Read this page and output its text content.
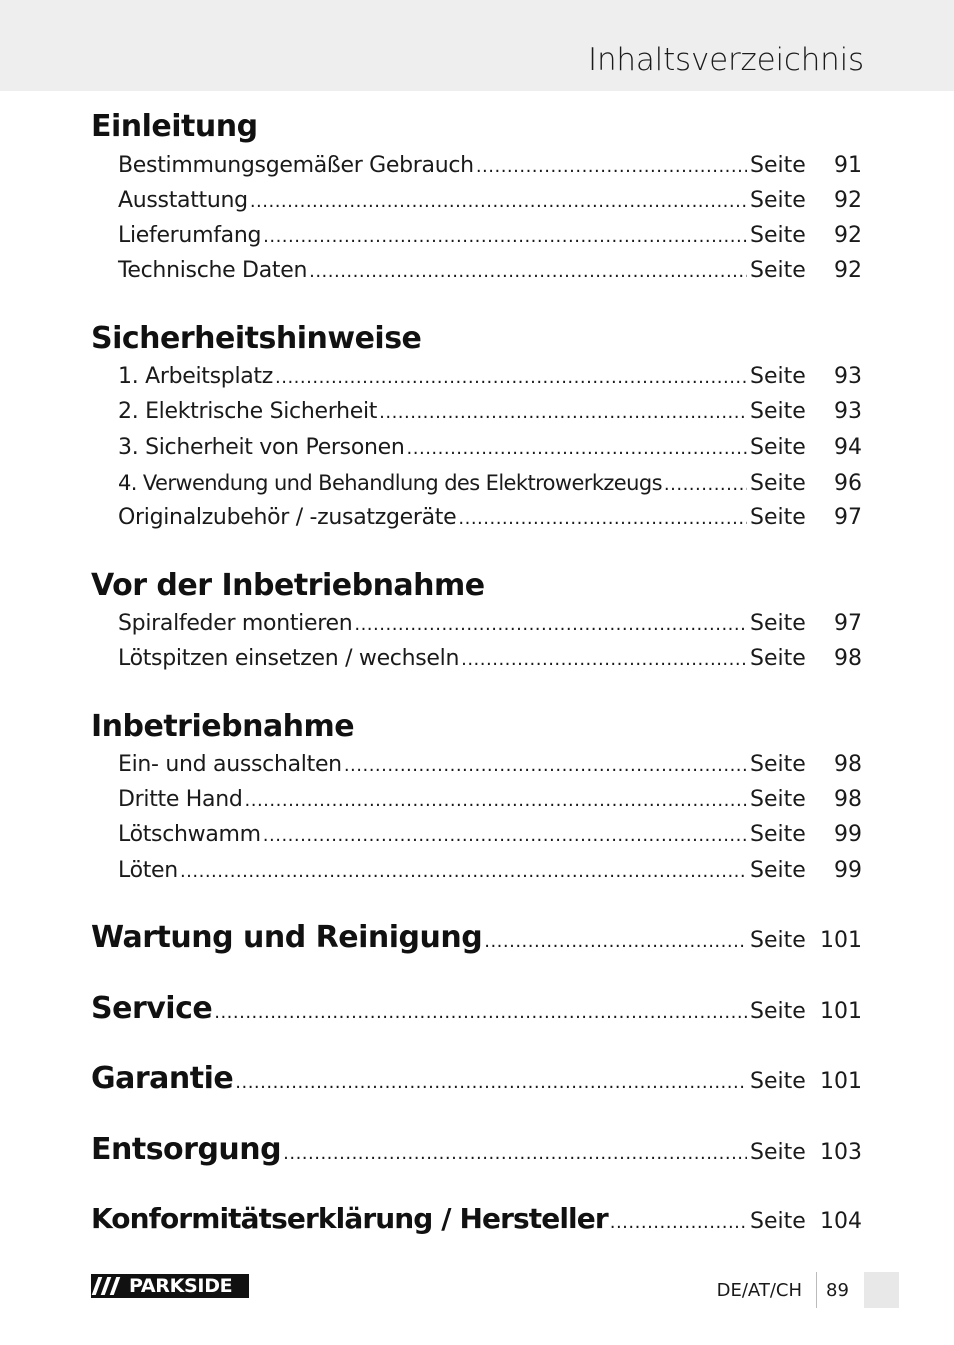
Inhaltsverzeichnis
Einleitung
Bestimmungsgemäßer Gebrauch .....	Seite	91
Ausstattung .....	Seite	92
Lieferumfang .....	Seite	92
Technische Daten .....	Seite	92
Sicherheitshinweise
1. Arbeitsplatz .....	Seite	93
2. Elektrische Sicherheit .....	Seite	93
3. Sicherheit von Personen .....	Seite	94
4. Verwendung und Behandlung des Elektrowerkzeugs .....	Seite	96
Originalzubehör / -zusatzgeräte .....	Seite	97
Vor der Inbetriebnahme
Spiralfeder montieren .....	Seite	97
Lötspitzen einsetzen / wechseln .....	Seite	98
Inbetriebnahme
Ein- und ausschalten .....	Seite	98
Dritte Hand .....	Seite	98
Lötschwamm .....	Seite	99
Löten .....	Seite	99
Wartung und Reinigung .....	Seite 101
Service .....	Seite 101
Garantie .....	Seite 101
Entsorgung .....	Seite 103
Konformitätserklärung / Hersteller .....	Seite 104
PARKSIDE	DE/AT/CH 89
